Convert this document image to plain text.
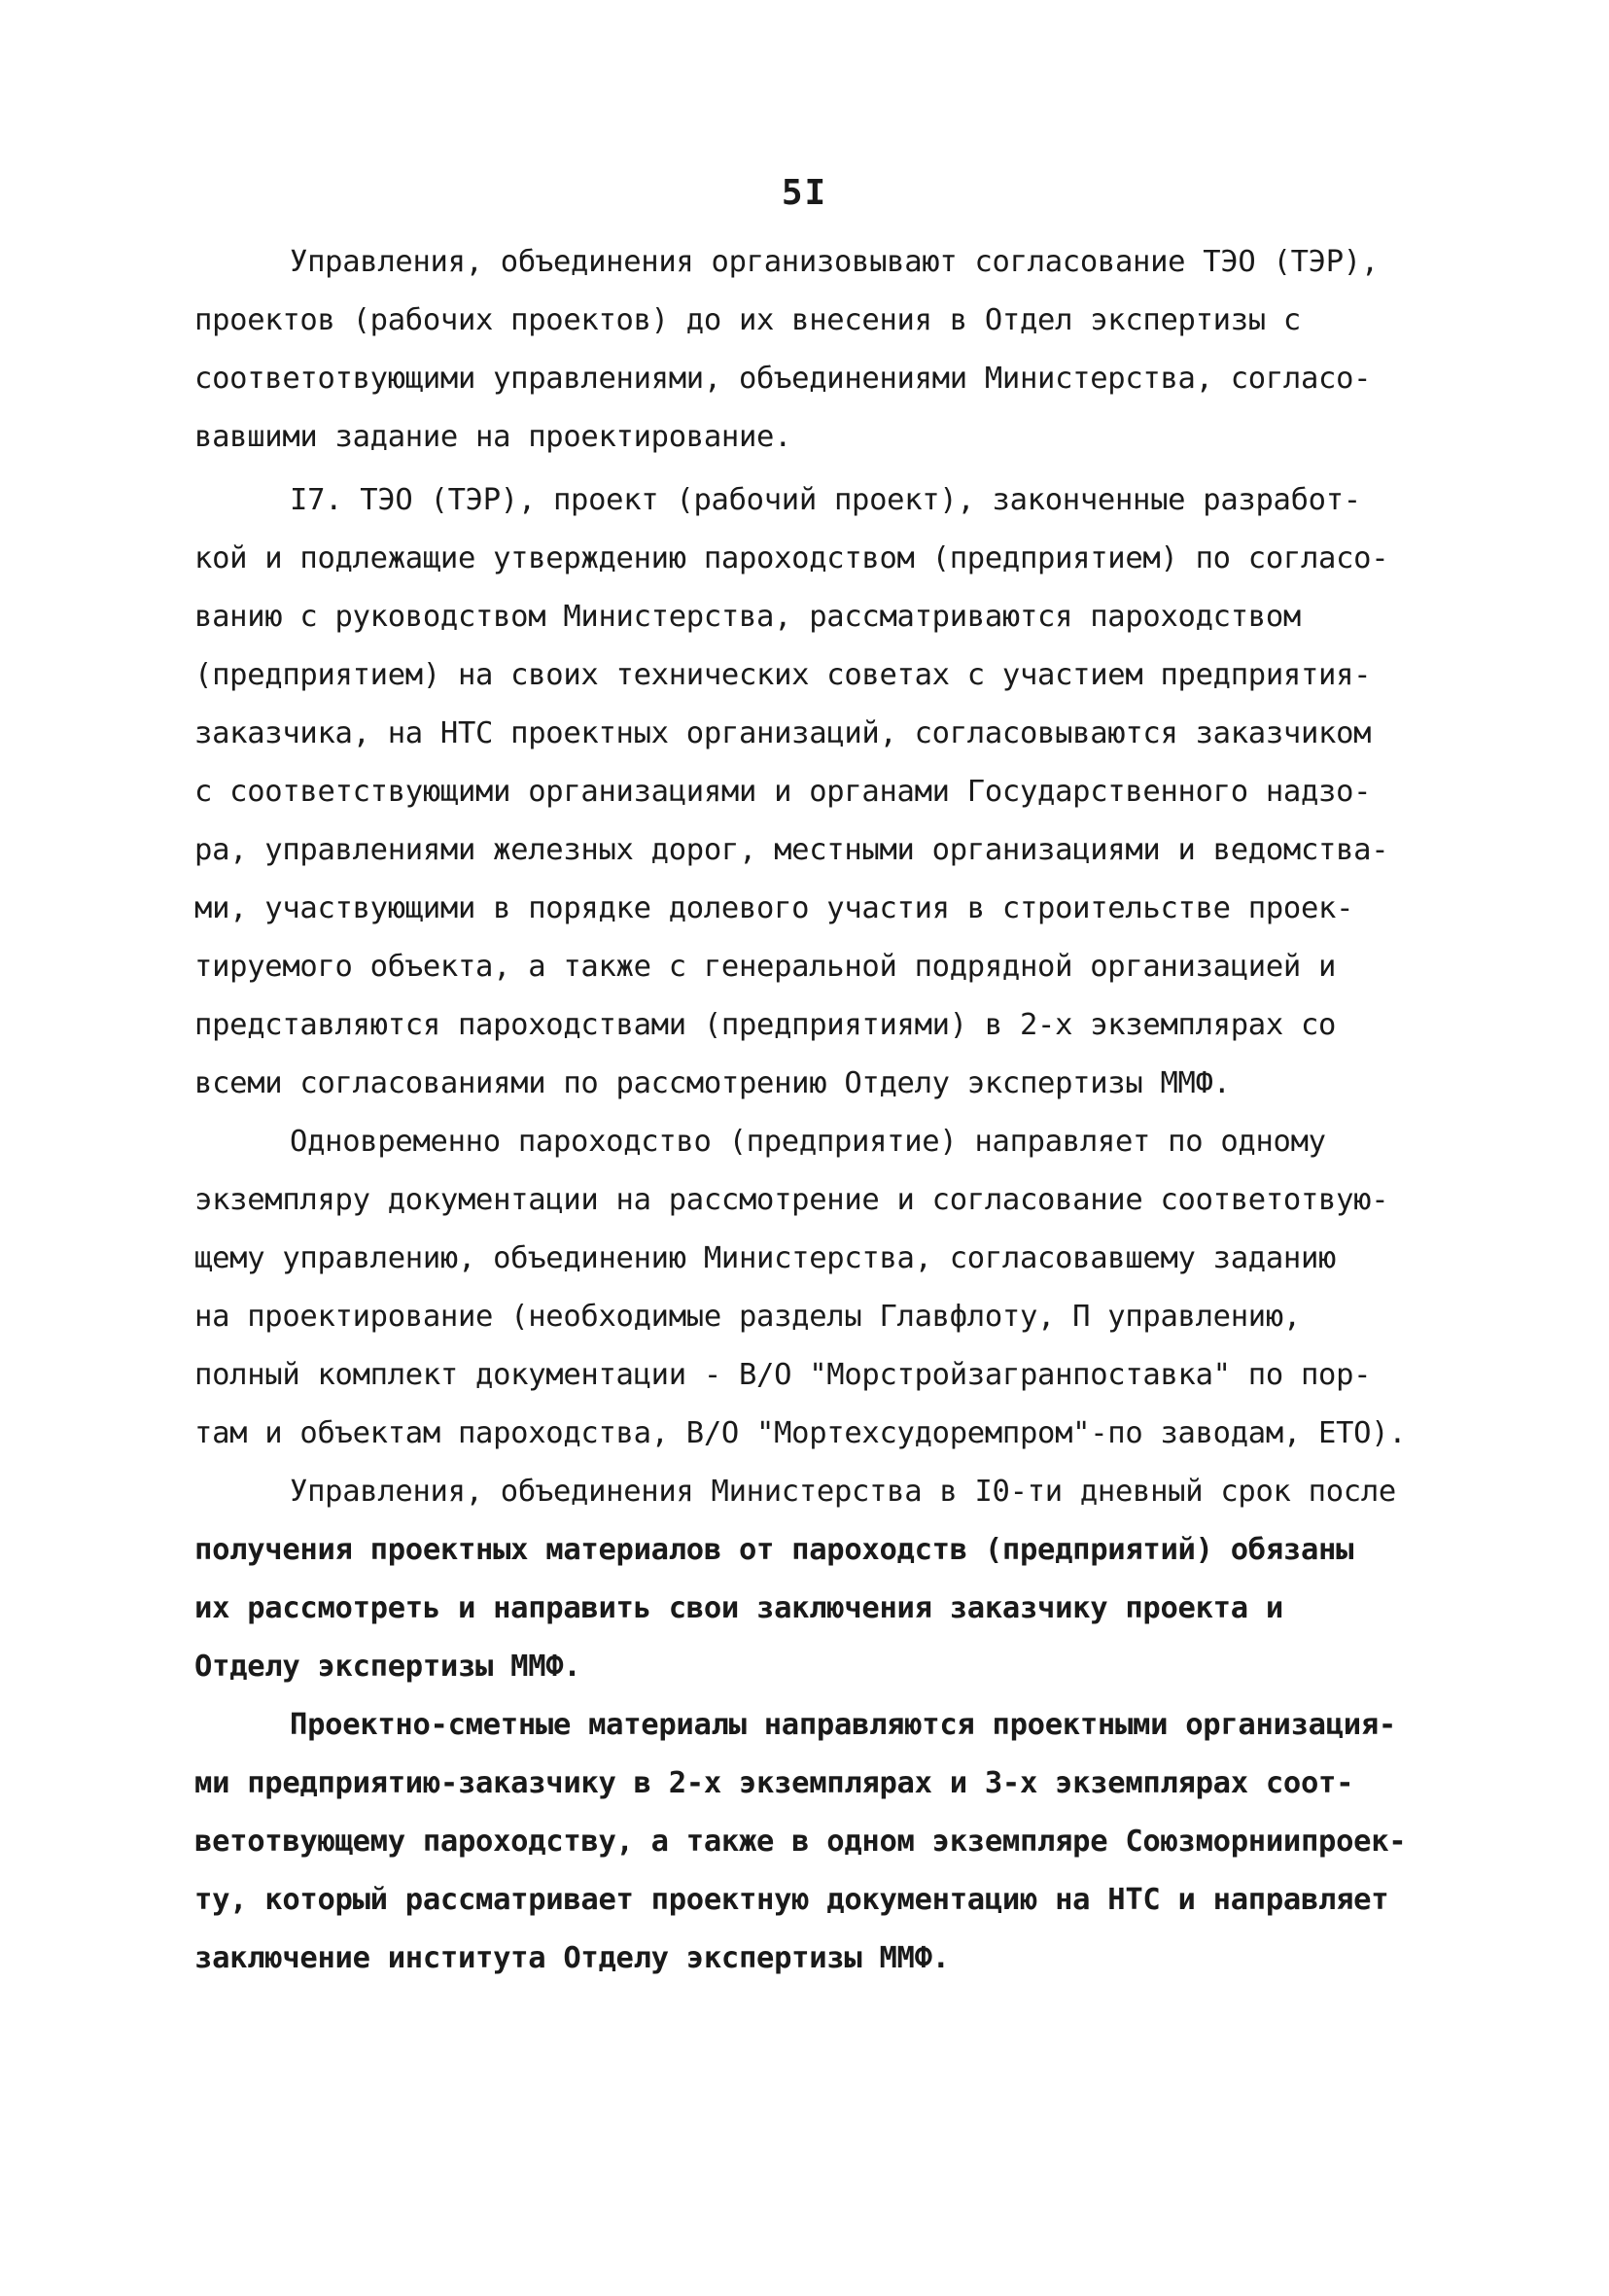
5I
Управления, объединения организовывают согласование ТЭО (ТЭР),
проектов (рабочих проектов) до их внесения в Отдел экспертизы с
соответотвующими управлениями, объединениями Министерства, согласо-
вавшими задание на проектирование.
I7. ТЭО (ТЭР), проект (рабочий проект), законченные разработ-
кой и подлежащие утверждению пароходством (предприятием) по согласо-
ванию с руководством Министерства, рассматриваются пароходством
(предприятием) на своих технических советах с участием предприятия-
заказчика, на НТС проектных организаций, согласовываются заказчиком
с соответствующими организациями и органами Государственного надзо-
ра, управлениями железных дорог, местными организациями и ведомства-
ми, участвующими в порядке долевого участия в строительстве проек-
тируемого объекта, а также с генеральной подрядной организацией и
представляются пароходствами (предприятиями) в 2-х экземплярах со
всеми согласованиями по рассмотрению Отделу экспертизы ММФ.
Одновременно пароходство (предприятие) направляет по одному
экземпляру документации на рассмотрение и согласование соответотвую-
щему управлению, объединению Министерства, согласовавшему заданию
на проектирование (необходимые разделы Главфлоту, П управлению,
полный комплект документации - В/О "Морстройзагранпоставка" по пор-
там и объектам пароходства, В/О "Мортехсудоремпром"-по заводам, ЕТО).
Управления, объединения Министерства в I0-ти дневный срок после
получения проектных материалов от пароходств (предприятий) обязаны
их рассмотреть и направить свои заключения заказчику проекта и
Отделу экспертизы ММФ.
Проектно-сметные материалы направляются проектными организация-
ми предприятию-заказчику в 2-х экземплярах и 3-х экземплярах соот-
ветотвующему пароходству, а также в одном экземпляре Союзморниипроек-
ту, который рассматривает проектную документацию на НТС и направляет
заключение института Отделу экспертизы ММФ.
